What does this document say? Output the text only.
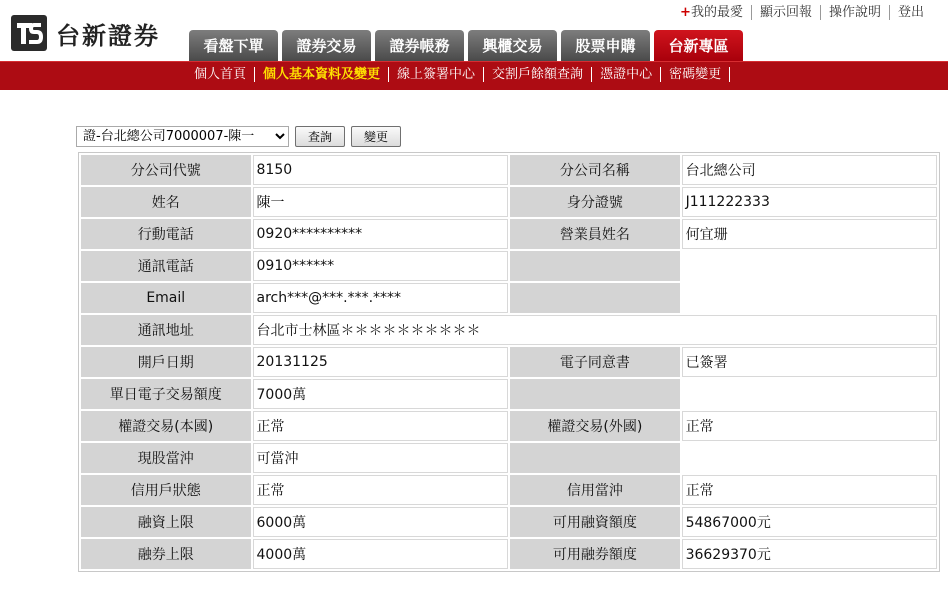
台新證券
+ 我的最愛	顯示回報	操作說明	登出
看盤下單	證券交易	證券帳務	興櫃交易	股票申購	台新專區
個人首頁	個人基本資料及變更	線上簽署中心	交割戶餘額查詢	憑證中心	密碼變更
證-台北總公司7000007-陳一
查詢	變更
分公司代號	8150	分公司名稱	台北總公司
姓名	陳一	身分證號	J111222333
行動電話	0920**********	營業員姓名	何宜珊
通訊電話	0910******		
Email	arch***@***.***.****		
通訊地址	台北市士林區＊＊＊＊＊＊＊＊＊＊		
開戶日期	20131125	電子同意書	已簽署
單日電子交易額度	7000萬		
權證交易(本國)	正常	權證交易(外國)	正常
現股當沖	可當沖		
信用戶狀態	正常	信用當沖	正常
融資上限	6000萬	可用融資額度	54867000元
融券上限	4000萬	可用融券額度	36629370元
